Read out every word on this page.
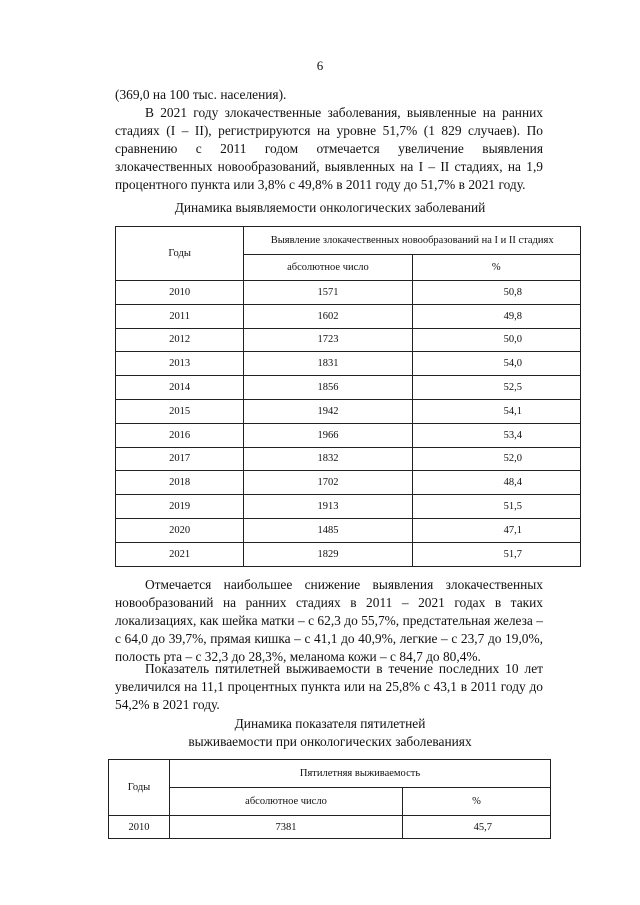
6

(369,0 на 100 тыс. населения).

В 2021 году злокачественные заболевания, выявленные на ранних стадиях (I – II), регистрируются на уровне 51,7% (1 829 случаев). По сравнению с 2011 годом отмечается увеличение выявления злокачественных новообразований, выявленных на I – II стадиях, на 1,9 процентного пункта или 3,8% с 49,8% в 2011 году до 51,7% в 2021 году.

Динамика выявляемости онкологических заболеваний

Годы	Выявление злокачественных новообразований на I и II стадиях	
	абсолютное число	%
2010	1571	50,8
2011	1602	49,8
2012	1723	50,0
2013	1831	54,0
2014	1856	52,5
2015	1942	54,1
2016	1966	53,4
2017	1832	52,0
2018	1702	48,4
2019	1913	51,5
2020	1485	47,1
2021	1829	51,7

Отмечается наибольшее снижение выявления злокачественных новообразований на ранних стадиях в 2011 – 2021 годах в таких локализациях, как шейка матки – с 62,3 до 55,7%, предстательная железа – с 64,0 до 39,7%, прямая кишка – с 41,1 до 40,9%, легкие – с 23,7 до 19,0%, полость рта – с 32,3 до 28,3%, меланома кожи – с 84,7 до 80,4%.

Показатель пятилетней выживаемости в течение последних 10 лет увеличился на 11,1 процентных пункта или на 25,8% с 43,1 в 2011 году до 54,2% в 2021 году.

Динамика показателя пятилетней

выживаемости при онкологических заболеваниях

Годы	Пятилетняя выживаемость	
	абсолютное число	%
2010	7381	45,7
